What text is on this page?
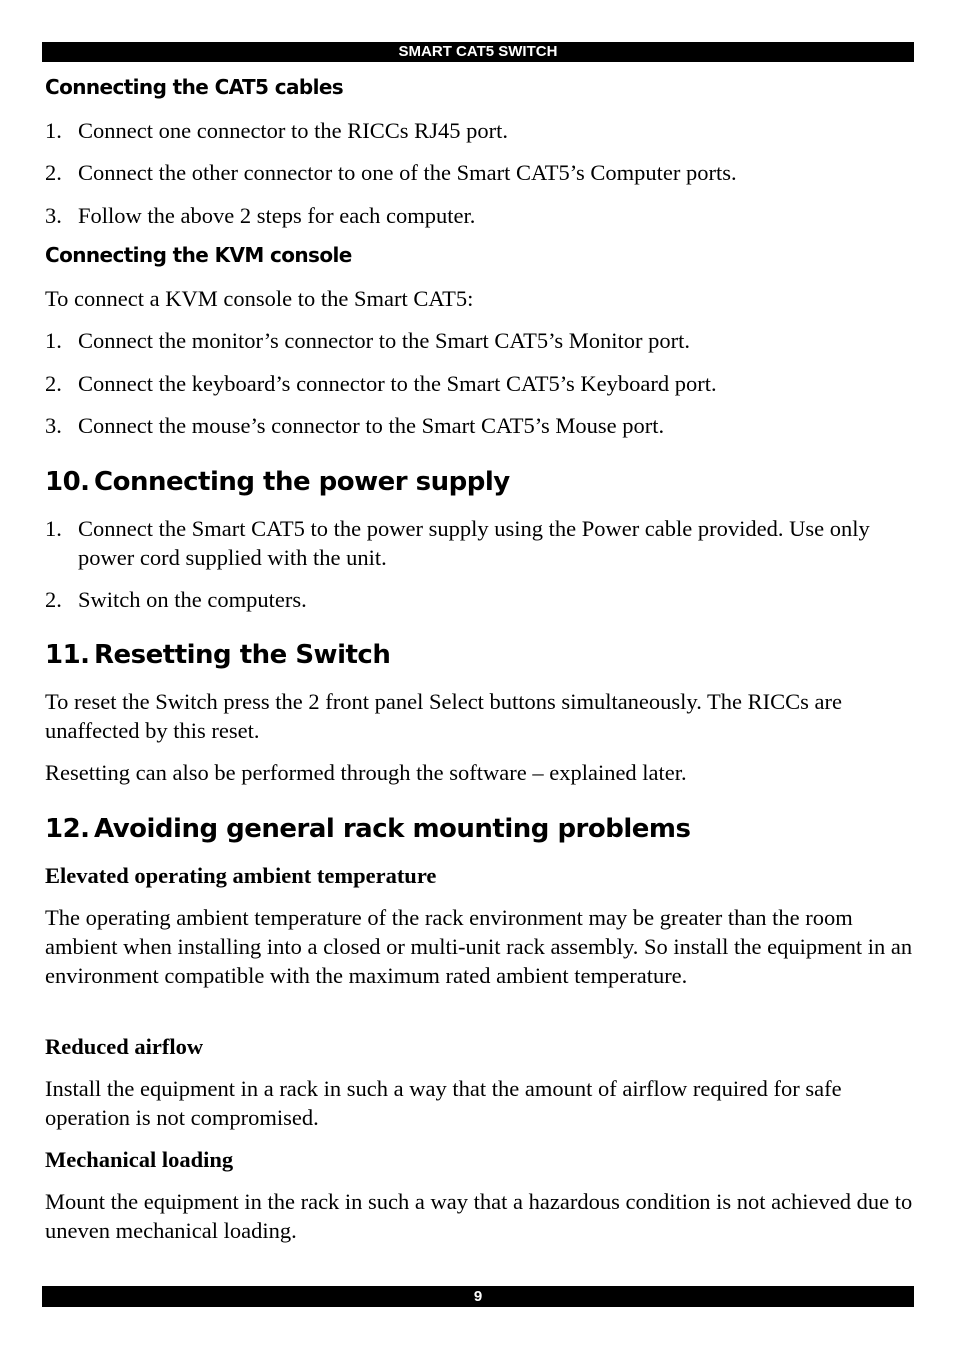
SMART CAT5 SWITCH
Connecting the CAT5 cables
1. Connect one connector to the RICCs RJ45 port.
2. Connect the other connector to one of the Smart CAT5’s Computer ports.
3. Follow the above 2 steps for each computer.
Connecting the KVM console
To connect a KVM console to the Smart CAT5:
1. Connect the monitor’s connector to the Smart CAT5’s Monitor port.
2. Connect the keyboard’s connector to the Smart CAT5’s Keyboard port.
3. Connect the mouse’s connector to the Smart CAT5’s Mouse port.
10. Connecting the power supply
1. Connect the Smart CAT5 to the power supply using the Power cable provided. Use only power cord supplied with the unit.
2. Switch on the computers.
11. Resetting the Switch
To reset the Switch press the 2 front panel Select buttons simultaneously. The RICCs are unaffected by this reset.
Resetting can also be performed through the software – explained later.
12. Avoiding general rack mounting problems
Elevated operating ambient temperature
The operating ambient temperature of the rack environment may be greater than the room ambient when installing into a closed or multi-unit rack assembly. So install the equipment in an environment compatible with the maximum rated ambient temperature.
Reduced airflow
Install the equipment in a rack in such a way that the amount of airflow required for safe operation is not compromised.
Mechanical loading
Mount the equipment in the rack in such a way that a hazardous condition is not achieved due to uneven mechanical loading.
9
